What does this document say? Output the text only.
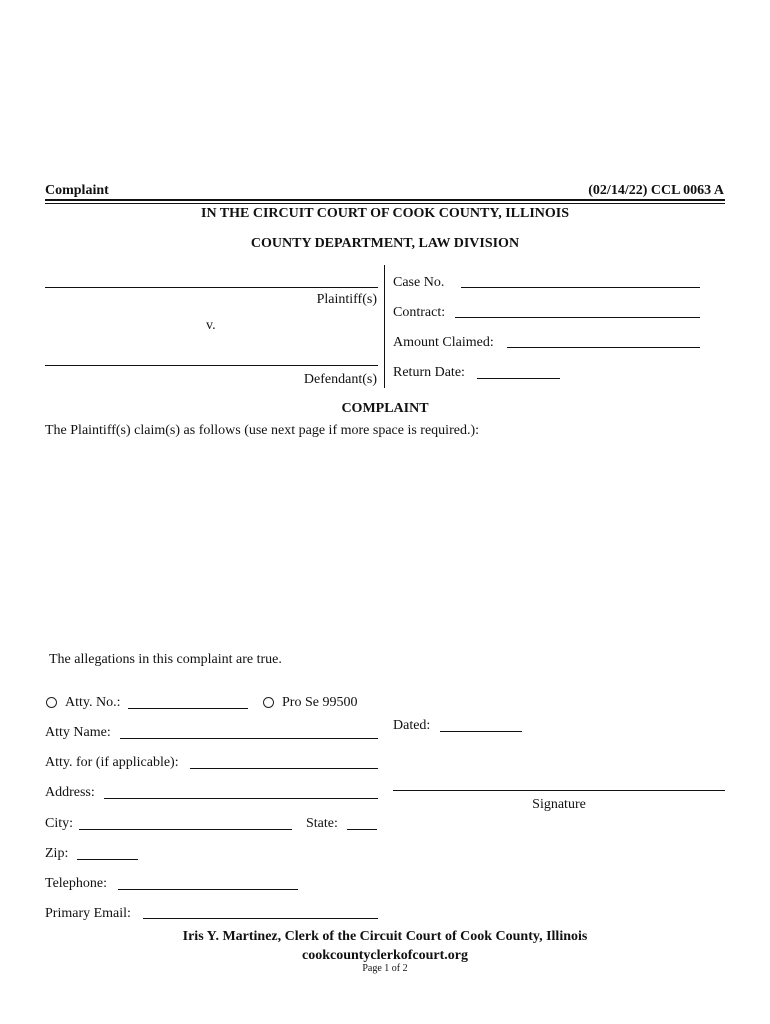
Complaint	(02/14/22) CCL 0063 A
IN THE CIRCUIT COURT OF COOK COUNTY, ILLINOIS
COUNTY DEPARTMENT, LAW DIVISION
Plaintiff(s)
v.
Defendant(s)
Case No.
Contract:
Amount Claimed:
Return Date:
COMPLAINT
The Plaintiff(s) claim(s) as follows (use next page if more space is required.):
The allegations in this complaint are true.
Atty. No.:	Pro Se 99500
Atty Name:
Atty. for (if applicable):
Address:
City:	State:
Zip:
Telephone:
Primary Email:
Dated:
Signature
Iris Y. Martinez, Clerk of the Circuit Court of Cook County, Illinois
cookcountyclerkofcourt.org
Page 1 of 2
